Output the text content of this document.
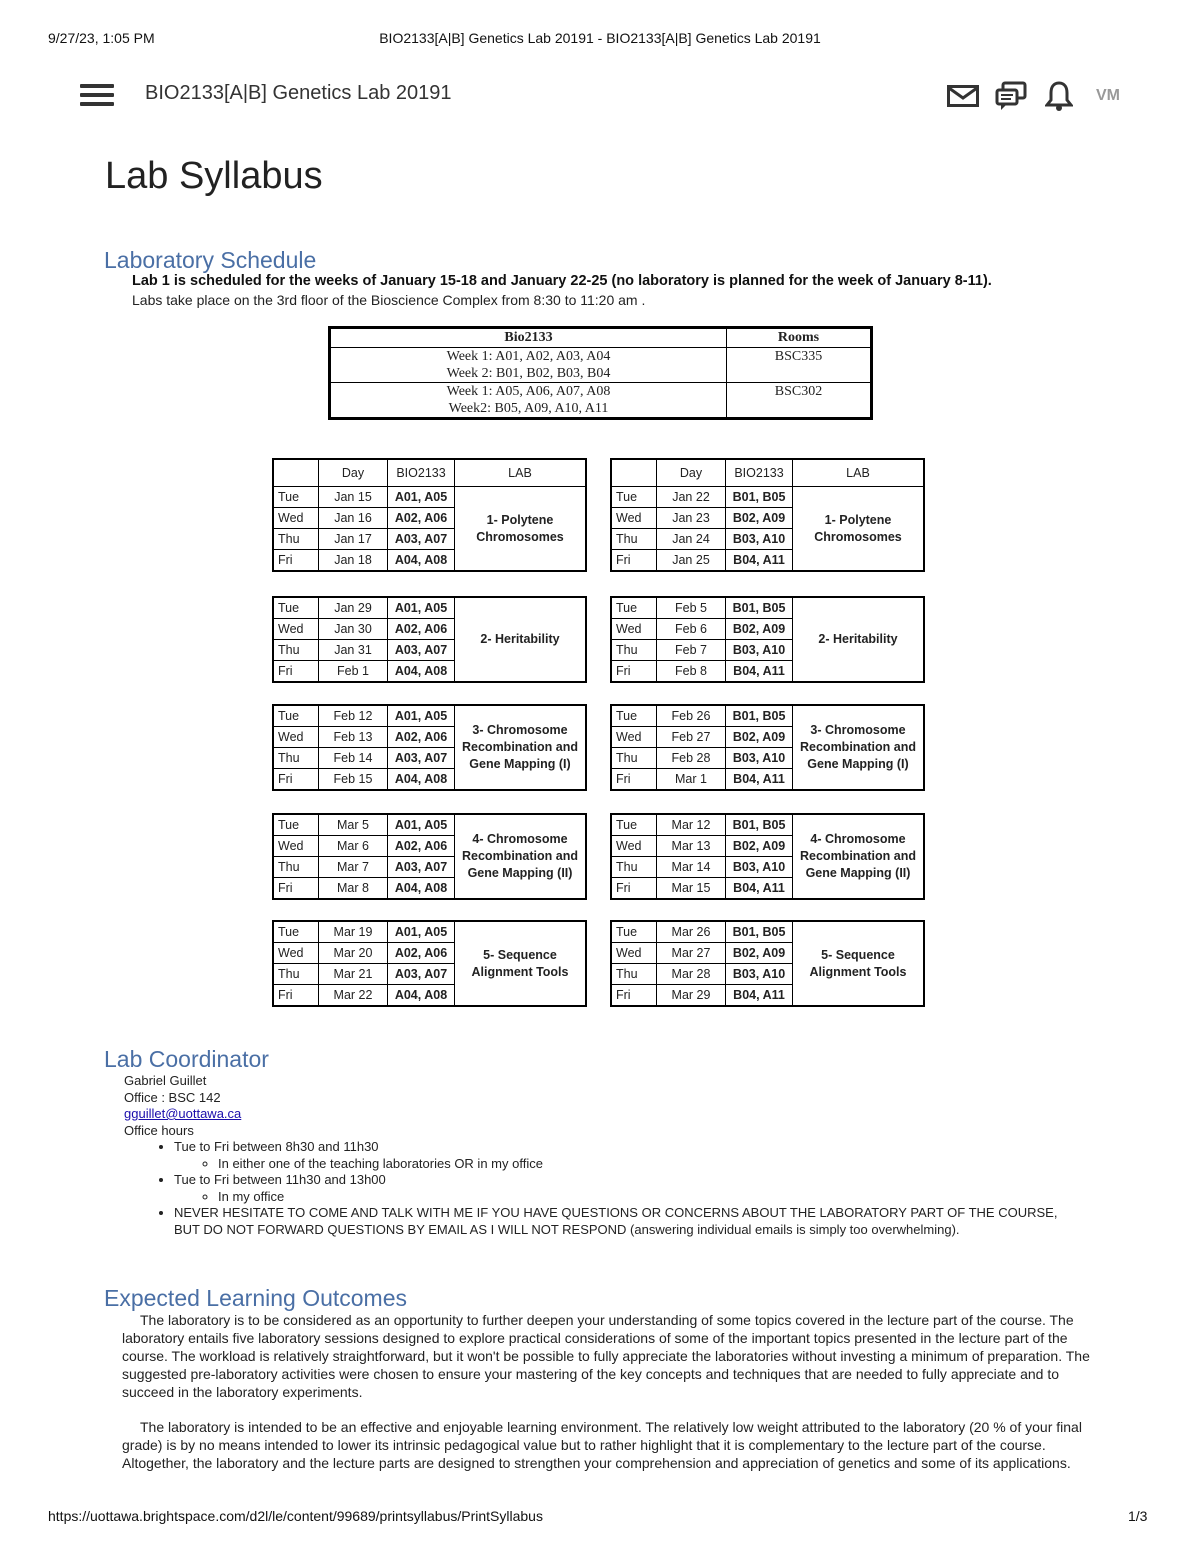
9/27/23, 1:05 PM	BIO2133[A|B] Genetics Lab 20191 - BIO2133[A|B] Genetics Lab 20191
BIO2133[A|B] Genetics Lab 20191	VM
Lab Syllabus
Laboratory Schedule
Lab 1 is scheduled for the weeks of January 15-18 and January 22-25 (no laboratory is planned for the week of January 8-11).
Labs take place on the 3rd floor of the Bioscience Complex from 8:30 to 11:20 am .
Bio2133	Rooms

Week 1: A01, A02, A03, A04
Week 2: B01, B02, B03, B04	BSC335

Week 1: A05, A06, A07, A08
Week2: B05, A09, A10, A11	BSC302
	Day	BIO2133	LAB
Tue	Jan 15	A01, A05	1- Polytene Chromosomes
Wed	Jan 16	A02, A06	
Thu	Jan 17	A03, A07	
Fri	Jan 18	A04, A08	
Tue	Jan 29	A01, A05	2- Heritability
Wed	Jan 30	A02, A06	
Thu	Jan 31	A03, A07	
Fri	Feb 1	A04, A08	
Tue	Feb 12	A01, A05	3- Chromosome Recombination and Gene Mapping (I)
Wed	Feb 13	A02, A06	
Thu	Feb 14	A03, A07	
Fri	Feb 15	A04, A08	
Tue	Mar 5	A01, A05	4- Chromosome Recombination and Gene Mapping (II)
Wed	Mar 6	A02, A06	
Thu	Mar 7	A03, A07	
Fri	Mar 8	A04, A08	
Tue	Mar 19	A01, A05	5- Sequence Alignment Tools
Wed	Mar 20	A02, A06	
Thu	Mar 21	A03, A07	
Fri	Mar 22	A04, A08	
	Day	BIO2133	LAB
Tue	Jan 22	B01, B05	1- Polytene Chromosomes
Wed	Jan 23	B02, A09	
Thu	Jan 24	B03, A10	
Fri	Jan 25	B04, A11	
Tue	Feb 5	B01, B05	2- Heritability
Wed	Feb 6	B02, A09	
Thu	Feb 7	B03, A10	
Fri	Feb 8	B04, A11	
Tue	Feb 26	B01, B05	3- Chromosome Recombination and Gene Mapping (I)
Wed	Feb 27	B02, A09	
Thu	Feb 28	B03, A10	
Fri	Mar 1	B04, A11	
Tue	Mar 12	B01, B05	4- Chromosome Recombination and Gene Mapping (II)
Wed	Mar 13	B02, A09	
Thu	Mar 14	B03, A10	
Fri	Mar 15	B04, A11	
Tue	Mar 26	B01, B05	5- Sequence Alignment Tools
Wed	Mar 27	B02, A09	
Thu	Mar 28	B03, A10	
Fri	Mar 29	B04, A11	
Lab Coordinator
Gabriel Guillet
Office : BSC 142
gguillet@uottawa.ca
Office hours
• Tue to Fri between 8h30 and 11h30
◦ In either one of the teaching laboratories OR in my office
• Tue to Fri between 11h30 and 13h00
◦ In my office
• NEVER HESITATE TO COME AND TALK WITH ME IF YOU HAVE QUESTIONS OR CONCERNS ABOUT THE LABORATORY PART OF THE COURSE, BUT DO NOT FORWARD QUESTIONS BY EMAIL AS I WILL NOT RESPOND (answering individual emails is simply too overwhelming).
Expected Learning Outcomes

The laboratory is to be considered as an opportunity to further deepen your understanding of some topics covered in the lecture part of the course. The laboratory entails five laboratory sessions designed to explore practical considerations of some of the important topics presented in the lecture part of the course. The workload is relatively straightforward, but it won't be possible to fully appreciate the laboratories without investing a minimum of preparation. The suggested pre-laboratory activities were chosen to ensure your mastering of the key concepts and techniques that are needed to fully appreciate and to succeed in the laboratory experiments.

The laboratory is intended to be an effective and enjoyable learning environment. The relatively low weight attributed to the laboratory (20 % of your final grade) is by no means intended to lower its intrinsic pedagogical value but to rather highlight that it is complementary to the lecture part of the course. Altogether, the laboratory and the lecture parts are designed to strengthen your comprehension and appreciation of genetics and some of its applications.

https://uottawa.brightspace.com/d2l/le/content/99689/printsyllabus/PrintSyllabus	1/3
